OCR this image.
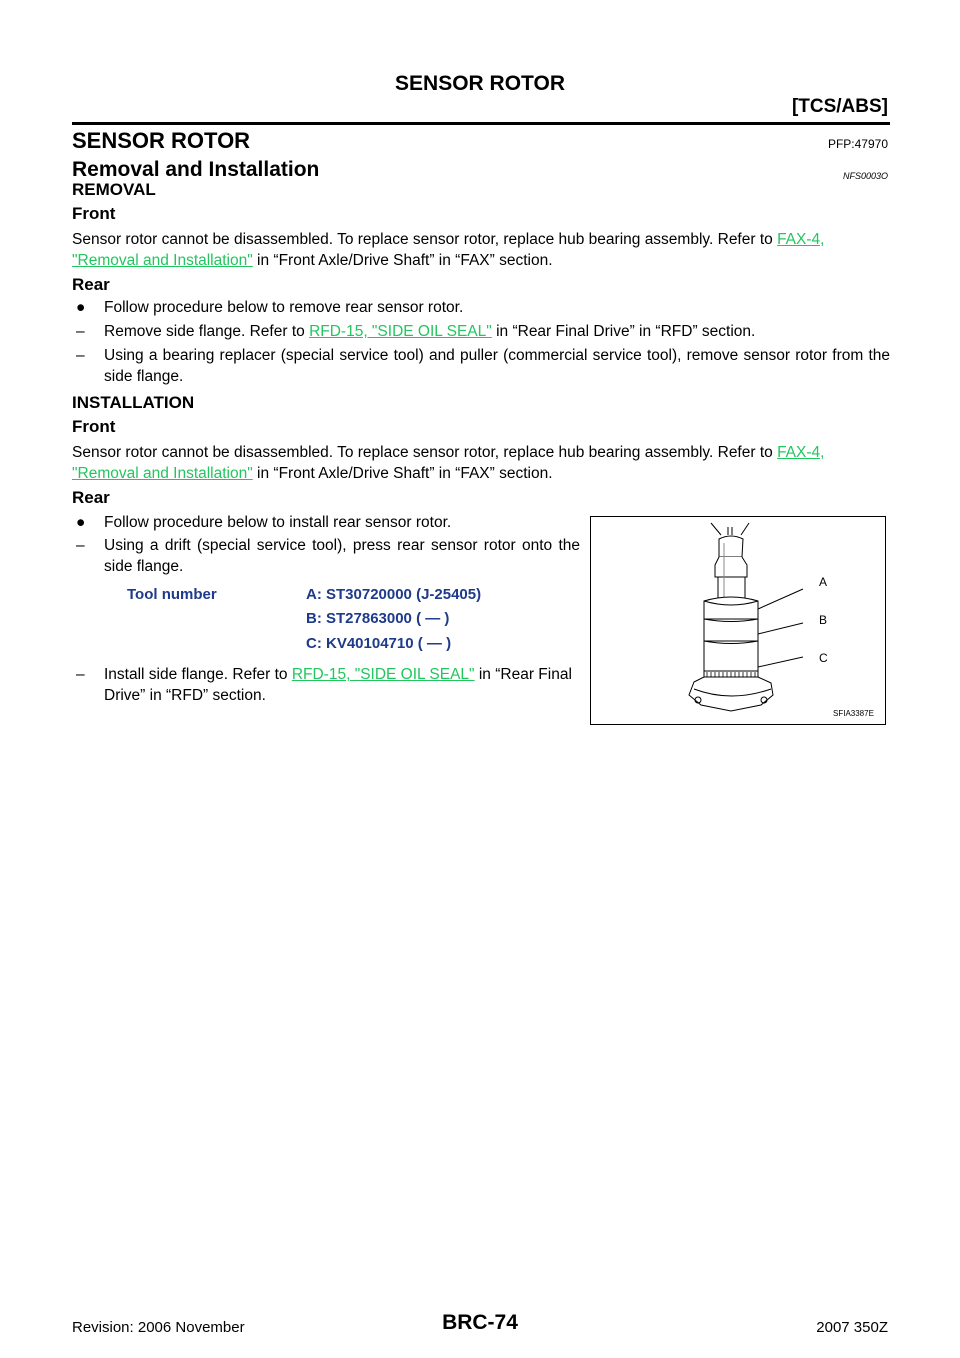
SENSOR ROTOR
[TCS/ABS]
SENSOR ROTOR	PFP:47970
Removal and Installation	NFS0003O
REMOVAL
Front
Sensor rotor cannot be disassembled. To replace sensor rotor, replace hub bearing assembly. Refer to FAX-4,
"Removal and Installation" in “Front Axle/Drive Shaft” in “FAX” section.
Rear
● Follow procedure below to remove rear sensor rotor.
– Remove side flange. Refer to RFD-15, "SIDE OIL SEAL" in “Rear Final Drive” in “RFD” section.
– Using a bearing replacer (special service tool) and puller (commercial service tool), remove sensor rotor from the side flange.
INSTALLATION
Front
Sensor rotor cannot be disassembled. To replace sensor rotor, replace hub bearing assembly. Refer to FAX-4,
"Removal and Installation" in “Front Axle/Drive Shaft” in “FAX” section.
Rear
● Follow procedure below to install rear sensor rotor.
– Using a drift (special service tool), press rear sensor rotor onto the side flange.
Tool number	A: ST30720000 (J-25405)
B: ST27863000 ( — )
C: KV40104710 ( — )
– Install side flange. Refer to RFD-15, "SIDE OIL SEAL" in “Rear Final Drive” in “RFD” section.
A
B
C
SFIA3387E
Revision: 2006 November	BRC-74	2007 350Z
